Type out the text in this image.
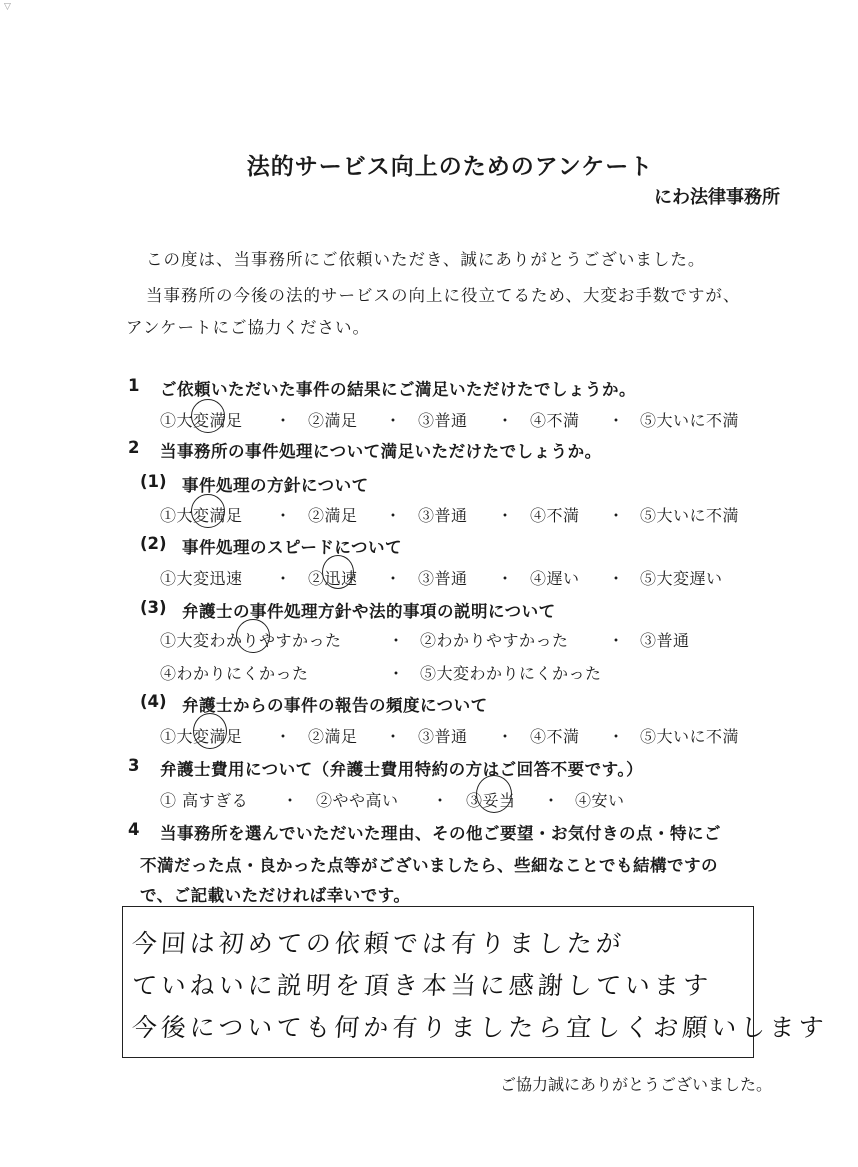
▽
法的サービス向上のためのアンケート
にわ法律事務所
この度は、当事務所にご依頼いただき、誠にありがとうございました。
当事務所の今後の法的サービスの向上に役立てるため、大変お手数ですが、
アンケートにご協力ください。
1 ご依頼いただいた事件の結果にご満足いただけたでしょうか。
①大変満足 ・ ②満足 ・ ③普通 ・ ④不満 ・ ⑤大いに不満
2 当事務所の事件処理について満足いただけたでしょうか。
(1) 事件処理の方針について
①大変満足 ・ ②満足 ・ ③普通 ・ ④不満 ・ ⑤大いに不満
(2) 事件処理のスピードについて
①大変迅速 ・ ②迅速 ・ ③普通 ・ ④遅い ・ ⑤大変遅い
(3) 弁護士の事件処理方針や法的事項の説明について
①大変わかりやすかった	・ ②わかりやすかった ・ ③普通
④わかりにくかった	・ ⑤大変わかりにくかった
(4) 弁護士からの事件の報告の頻度について
①大変満足 ・ ②満足 ・ ③普通 ・ ④不満 ・ ⑤大いに不満
3 弁護士費用について（弁護士費用特約の方はご回答不要です。）
① 高すぎる ・ ②やや高い ・ ③妥当 ・ ④安い
4 当事務所を選んでいただいた理由、その他ご要望・お気付きの点・特にご
不満だった点・良かった点等がございましたら、些細なことでも結構ですの
で、ご記載いただければ幸いです。
今回は初めての依頼では有りましたが
ていねいに説明を頂き本当に感謝しています
今後についても何か有りましたら宜しくお願いします
ご協力誠にありがとうございました。
